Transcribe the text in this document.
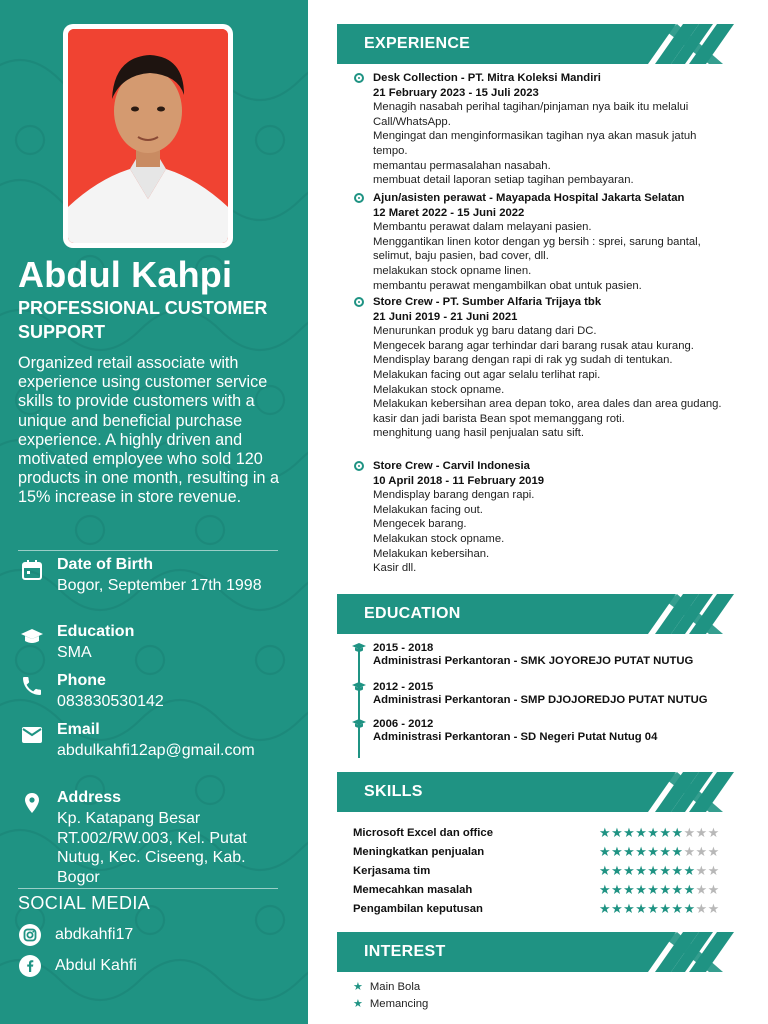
Abdul Kahpi
PROFESSIONAL CUSTOMER SUPPORT
Organized retail associate with experience using customer service skills to provide customers with a unique and beneficial purchase experience. A highly driven and motivated employee who sold 120 products in one month, resulting in a 15% increase in store revenue.
Date of Birth
Bogor, September 17th 1998
Education
SMA
Phone
083830530142
Email
abdulkahfi12ap@gmail.com
Address
Kp. Katapang Besar RT.002/RW.003, Kel. Putat Nutug, Kec. Ciseeng, Kab. Bogor
SOCIAL MEDIA
abdkahfi17
Abdul Kahfi
EXPERIENCE
Desk Collection - PT. Mitra Koleksi Mandiri
21 February 2023 - 15 Juli 2023
Menagih nasabah perihal tagihan/pinjaman nya baik itu melalui Call/WhatsApp.
Mengingat dan menginformasikan tagihan nya akan masuk jatuh tempo.
memantau permasalahan nasabah.
membuat detail laporan setiap tagihan pembayaran.
Ajun/asisten perawat - Mayapada Hospital Jakarta Selatan
12 Maret 2022 - 15 Juni 2022
Membantu perawat dalam melayani pasien.
Menggantikan linen kotor dengan yg bersih : sprei, sarung bantal, selimut, baju pasien, bad cover, dll.
melakukan stock opname linen.
membantu perawat mengambilkan obat untuk pasien.
Store Crew - PT. Sumber Alfaria Trijaya tbk
21 Juni 2019 - 21 Juni 2021
Menurunkan produk yg baru datang dari DC.
Mengecek barang agar terhindar dari barang rusak atau kurang.
Mendisplay barang dengan rapi di rak yg sudah di tentukan.
Melakukan facing out agar selalu terlihat rapi.
Melakukan stock opname.
Melakukan kebersihan area depan toko, area dales dan area gudang.
kasir dan jadi barista Bean spot memanggang roti.
menghitung uang hasil penjualan satu sift.
Store Crew - Carvil Indonesia
10 April 2018 - 11 February 2019
Mendisplay barang dengan rapi.
Melakukan facing out.
Mengecek barang.
Melakukan stock opname.
Melakukan kebersihan.
Kasir dll.
EDUCATION
2015 - 2018
Administrasi Perkantoran - SMK JOYOREJO PUTAT NUTUG
2012 - 2015
Administrasi Perkantoran - SMP DJOJOREDJO PUTAT NUTUG
2006 - 2012
Administrasi Perkantoran - SD Negeri Putat Nutug 04
SKILLS
Microsoft Excel dan office	★★★★★★★★★★
Meningkatkan penjualan	★★★★★★★★★★
Kerjasama tim	★★★★★★★★★★
Memecahkan masalah	★★★★★★★★★★
Pengambilan keputusan	★★★★★★★★★★
INTEREST
★ Main Bola
★ Memancing
